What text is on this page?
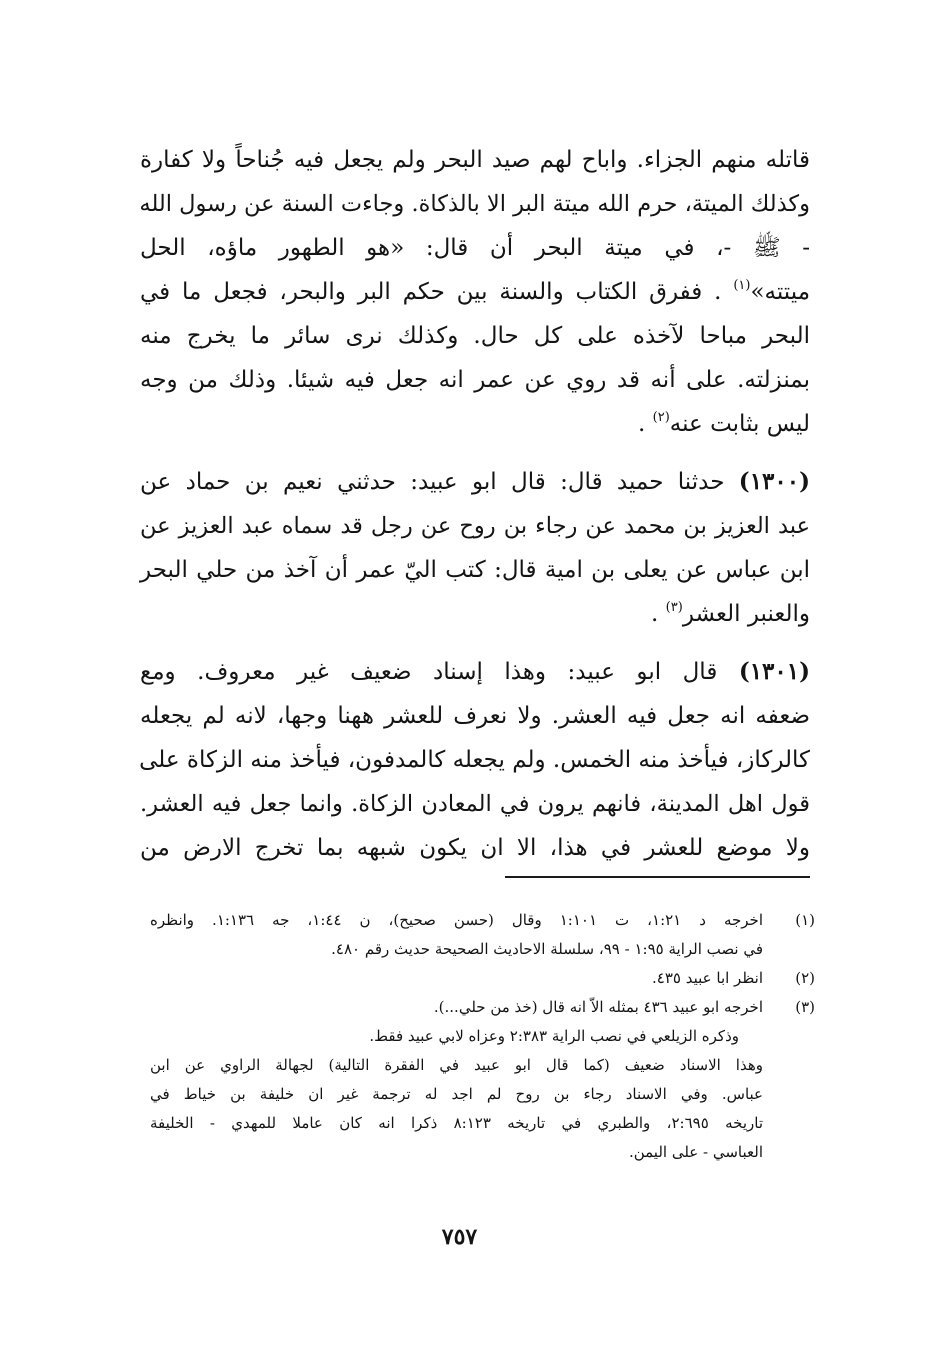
قاتله منهم الجزاء. واباح لهم صيد البحر ولم يجعل فيه جُناحاً ولا كفارة
وكذلك الميتة، حرم الله ميتة البر الا بالذكاة. وجاءت السنة عن رسول الله
- ﷺ -، في ميتة البحر أن قال: «هو الطهور ماؤه، الحل
ميتته»$^{(١)}$ . ففرق الكتاب والسنة بين حكم البر والبحر، فجعل ما في
البحر مباحا لآخذه على كل حال. وكذلك نرى سائر ما يخرج منه
بمنزلته. على أنه قد روي عن عمر انه جعل فيه شيئا. وذلك من وجه
ليس بثابت عنه$^{(٢)}$ .
(١٣٠٠) حدثنا حميد قال: قال ابو عبيد: حدثني نعيم بن حماد عن
عبد العزيز بن محمد عن رجاء بن روح عن رجل قد سماه عبد العزيز عن
ابن عباس عن يعلى بن امية قال: كتب اليّ عمر أن آخذ من حلي البحر
والعنبر العشر$^{(٣)}$ .
(١٣٠١) قال ابو عبيد: وهذا إسناد ضعيف غير معروف. ومع
ضعفه انه جعل فيه العشر. ولا نعرف للعشر ههنا وجها، لانه لم يجعله
كالركاز، فيأخذ منه الخمس. ولم يجعله كالمدفون، فيأخذ منه الزكاة على
قول اهل المدينة، فانهم يرون في المعادن الزكاة. وانما جعل فيه العشر.
ولا موضع للعشر في هذا، الا ان يكون شبهه بما تخرج الارض من
(١)
اخرجه د ١:٢١، ت ١:١٠١ وقال (حسن صحيح)، ن ١:٤٤، جه ١:١٣٦. وانظره
في نصب الراية ١:٩٥ - ٩٩، سلسلة الاحاديث الصحيحة حديث رقم ٤٨٠.
(٢)
انظر ابا عبيد ٤٣٥.
(٣)
اخرجه ابو عبيد ٤٣٦ بمثله الاّ انه قال (خذ من حلي...).
وذكره الزيلعي في نصب الراية ٢:٣٨٣ وعزاه لابي عبيد فقط.
وهذا الاسناد ضعيف (كما قال ابو عبيد في الفقرة التالية) لجهالة الراوي عن ابن
عباس. وفي الاسناد رجاء بن روح لم اجد له ترجمة غير ان خليفة بن خياط في
تاريخه ٢:٦٩٥، والطبري في تاريخه ٨:١٢٣ ذكرا انه كان عاملا للمهدي - الخليفة
العباسي - على اليمن.
٧٥٧
